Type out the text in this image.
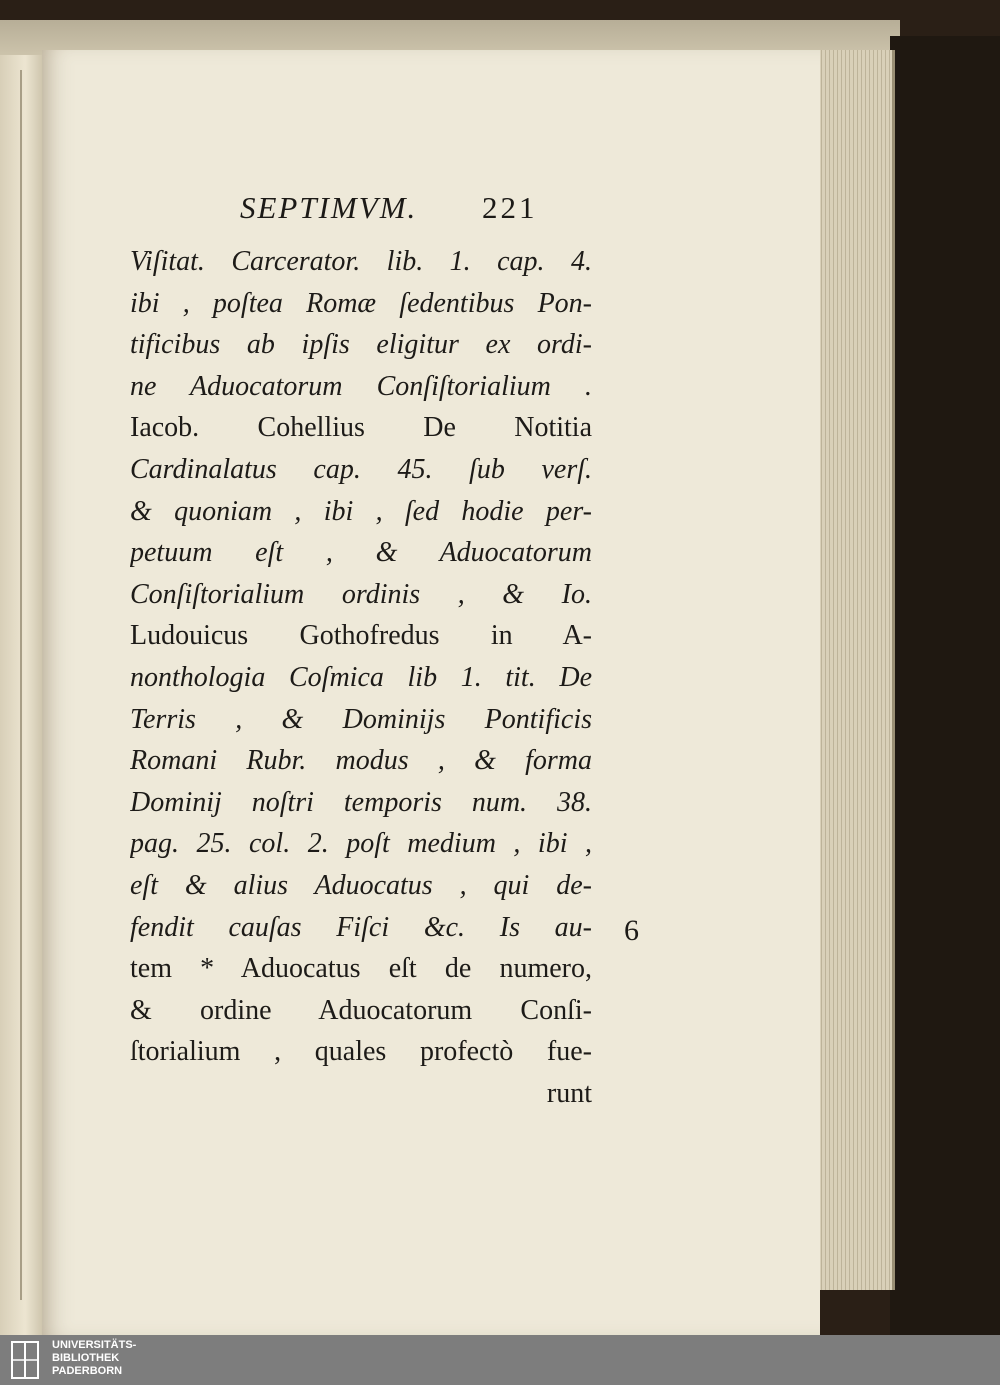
SEPTIMVM. 221
Viſitat. Carcerator. lib. 1. cap. 4.
ibi , poſtea Romæ ſedentibus Pon-
tificibus ab ipſis eligitur ex ordi-
ne Aduocatorum Conſiſtorialium .
Iacob. Cohellius De Notitia
Cardinalatus cap. 45. ſub verſ.
& quoniam , ibi , ſed hodie per-
petuum eſt , & Aduocatorum
Conſiſtorialium ordinis , & Io.
Ludouicus Gothofredus in A-
nonthologia Coſmica lib 1. tit. De
Terris , & Dominijs Pontificis
Romani Rubr. modus , & forma
Dominij noſtri temporis num. 38.
pag. 25. col. 2. poſt medium , ibi ,
eſt & alius Aduocatus , qui de-
fendit cauſas Fiſci &c. Is au-
tem * Aduocatus eſt de numero,
& ordine Aduocatorum Conſi-
ſtorialium , quales profectò fue-
runt
6
UNIVERSITÄTS-
BIBLIOTHEK
PADERBORN
